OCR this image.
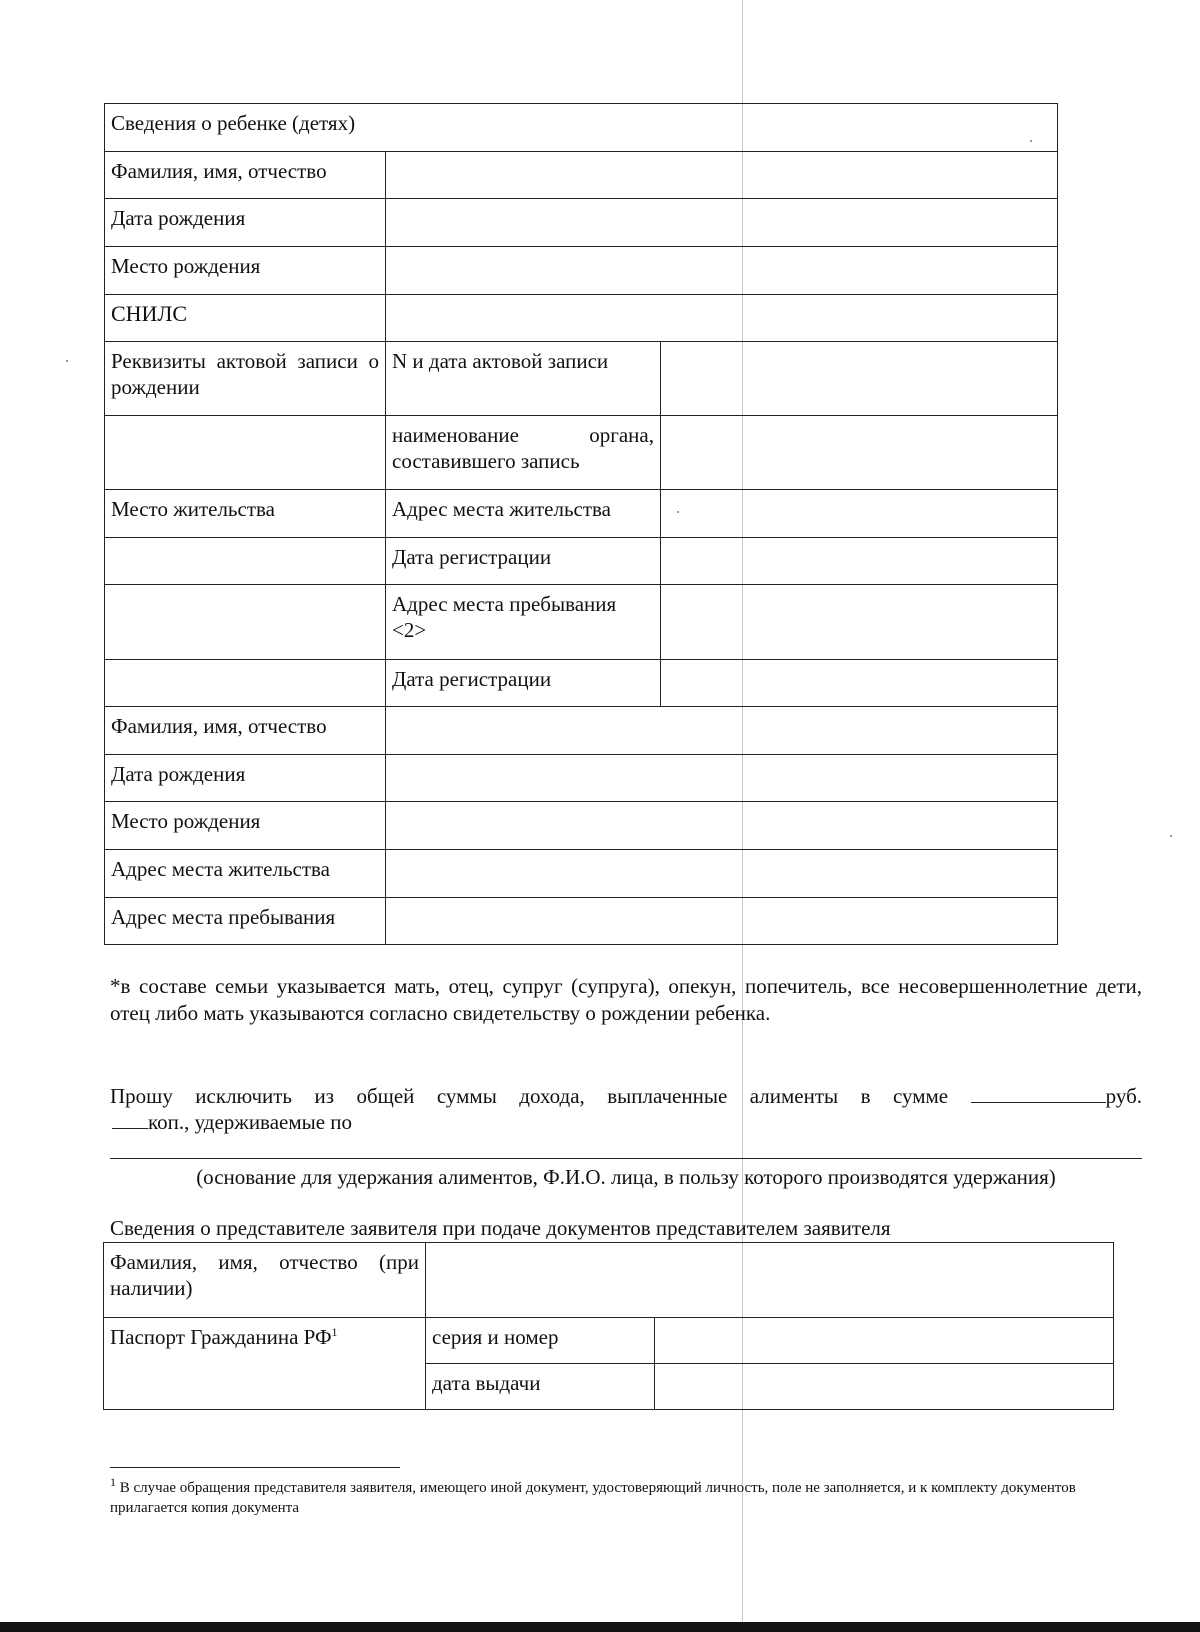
Сведения о ребенке (детях)		
Фамилия, имя, отчество		
Дата рождения		
Место рождения		
СНИЛС		
Реквизиты актовой записи о рождении	N и дата актовой записи	
	наименование органа, составившего запись	
Место жительства	Адрес места жительства	
	Дата регистрации	
	Адрес места пребывания <2>	
	Дата регистрации	
Фамилия, имя, отчество		
Дата рождения		
Место рождения		
Адрес места жительства		
Адрес места пребывания		
*в составе семьи указывается мать, отец, супруг (супруга), опекун, попечитель, все несовершеннолетние дети, отец либо мать указываются согласно свидетельству о рождении ребенка.
Прошу исключить из общей суммы дохода, выплаченные алименты в сумме	руб.
коп., удерживаемые по
(основание для удержания алиментов, Ф.И.О. лица, в пользу которого производятся удержания)
Сведения о представителе заявителя при подаче документов представителем заявителя
Фамилия, имя, отчество (при наличии)		
Паспорт Гражданина $РФ^1$	серия и номер	
	дата выдачи	
$^1$ В случае обращения представителя заявителя, имеющего иной документ, удостоверяющий личность, поле не заполняется, и к комплекту документов прилагается копия документа
